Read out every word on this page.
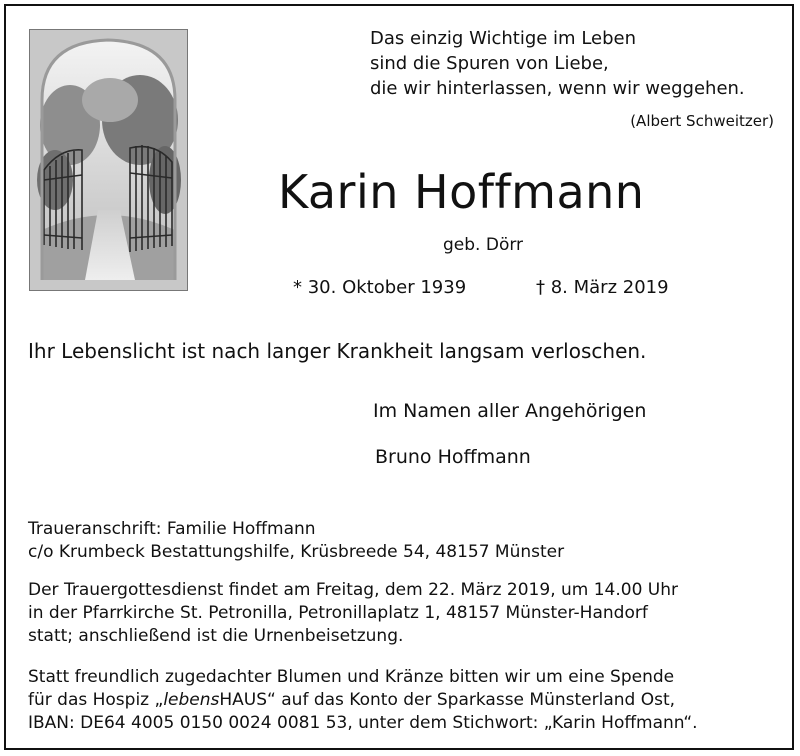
Das einzig Wichtige im Leben
sind die Spuren von Liebe,
die wir hinterlassen, wenn wir weggehen.
(Albert Schweitzer)
Karin Hoffmann
geb. Dörr
* 30. Oktober 1939	† 8. März 2019
Ihr Lebenslicht ist nach langer Krankheit langsam verloschen.
Im Namen aller Angehörigen
Bruno Hoffmann
Traueranschrift: Familie Hoffmann
c/o Krumbeck Bestattungshilfe, Krüsbreede 54, 48157 Münster
Der Trauergottesdienst findet am Freitag, dem 22. März 2019, um 14.00 Uhr
in der Pfarrkirche St. Petronilla, Petronillaplatz 1, 48157 Münster-Handorf
statt; anschließend ist die Urnenbeisetzung.
Statt freundlich zugedachter Blumen und Kränze bitten wir um eine Spende
für das Hospiz „lebensHAUS“ auf das Konto der Sparkasse Münsterland Ost,
IBAN: DE64 4005 0150 0024 0081 53, unter dem Stichwort: „Karin Hoffmann“.
